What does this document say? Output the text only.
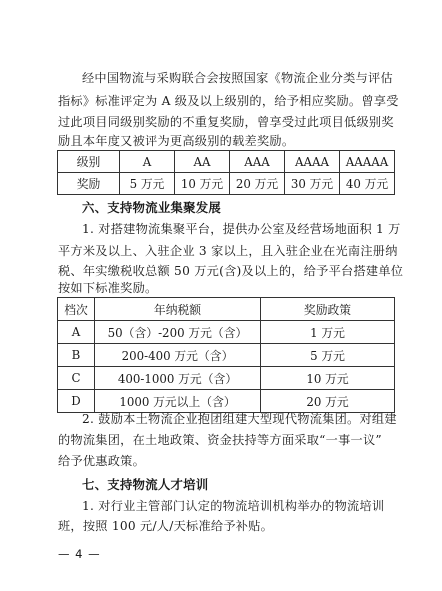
经中国物流与采购联合会按照国家《物流企业分类与评估
指标》标准评定为 A 级及以上级别的，给予相应奖励。曾享受
过此项目同级别奖励的不重复奖励，曾享受过此项目低级别奖
励且本年度又被评为更高级别的载差奖励。
级别	A	AA	AAA	AAAA	AAAAA
奖励	5 万元	10 万元	20 万元	30 万元	40 万元
六、支持物流业集聚发展
1. 对搭建物流集聚平台，提供办公室及经营场地面积 1 万
平方米及以上、入驻企业 3 家以上，且入驻企业在光南注册纳
税、年实缴税收总额 50 万元(含)及以上的，给予平台搭建单位
按如下标准奖励。
档次	年纳税额	奖励政策
A	50（含）-200 万元（含）	1 万元
B	200-400 万元（含）	5 万元
C	400-1000 万元（含）	10 万元
D	1000 万元以上（含）	20 万元
2. 鼓励本土物流企业抱团组建大型现代物流集团。对组建
的物流集团，在土地政策、资金扶持等方面采取“一事一议”
给予优惠政策。
七、支持物流人才培训
1. 对行业主管部门认定的物流培训机构举办的物流培训
班，按照 100 元/人/天标准给予补贴。
— 4 —
